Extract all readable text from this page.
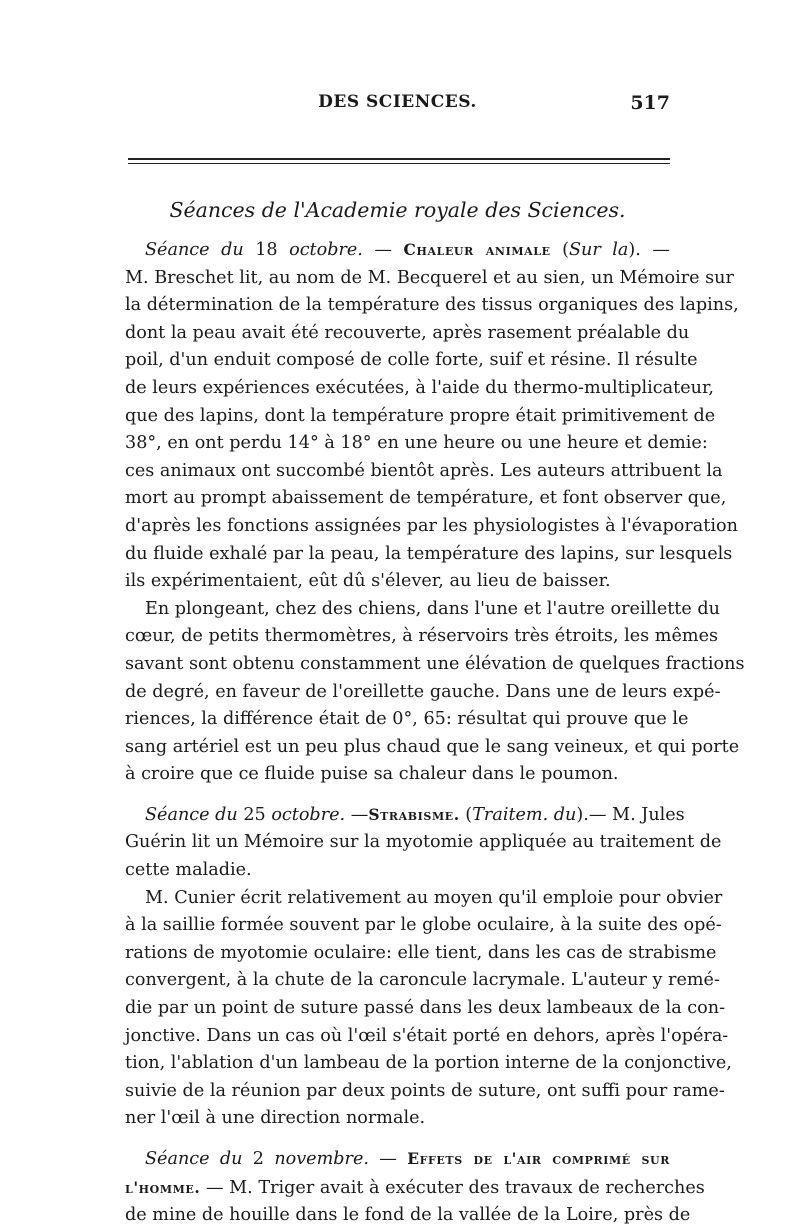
DES SCIENCES.	517
Séances de l'Academie royale des Sciences.
Séance du 18 octobre. — Chaleur animale (Sur la). —
M. Breschet lit, au nom de M. Becquerel et au sien, un Mémoire sur
la détermination de la température des tissus organiques des lapins,
dont la peau avait été recouverte, après rasement préalable du
poil, d'un enduit composé de colle forte, suif et résine. Il résulte
de leurs expériences exécutées, à l'aide du thermo-multiplicateur,
que des lapins, dont la température propre était primitivement de
38°, en ont perdu 14° à 18° en une heure ou une heure et demie:
ces animaux ont succombé bientôt après. Les auteurs attribuent la
mort au prompt abaissement de température, et font observer que,
d'après les fonctions assignées par les physiologistes à l'évaporation
du fluide exhalé par la peau, la température des lapins, sur lesquels
ils expérimentaient, eût dû s'élever, au lieu de baisser.
En plongeant, chez des chiens, dans l'une et l'autre oreillette du
cœur, de petits thermomètres, à réservoirs très étroits, les mêmes
savant sont obtenu constamment une élévation de quelques fractions
de degré, en faveur de l'oreillette gauche. Dans une de leurs expé-
riences, la différence était de 0°, 65: résultat qui prouve que le
sang artériel est un peu plus chaud que le sang veineux, et qui porte
à croire que ce fluide puise sa chaleur dans le poumon.
Séance du 25 octobre. —Strabisme. (Traitem. du).— M. Jules
Guérin lit un Mémoire sur la myotomie appliquée au traitement de
cette maladie.
M. Cunier écrit relativement au moyen qu'il emploie pour obvier
à la saillie formée souvent par le globe oculaire, à la suite des opé-
rations de myotomie oculaire: elle tient, dans les cas de strabisme
convergent, à la chute de la caroncule lacrymale. L'auteur y remé-
die par un point de suture passé dans les deux lambeaux de la con-
jonctive. Dans un cas où l'œil s'était porté en dehors, après l'opéra-
tion, l'ablation d'un lambeau de la portion interne de la conjonctive,
suivie de la réunion par deux points de suture, ont suffi pour rame-
ner l'œil à une direction normale.
Séance du 2 novembre. — Effets de l'air comprimé sur
l'homme. — M. Triger avait à exécuter des travaux de recherches
de mine de houille dans le fond de la vallée de la Loire, près de
